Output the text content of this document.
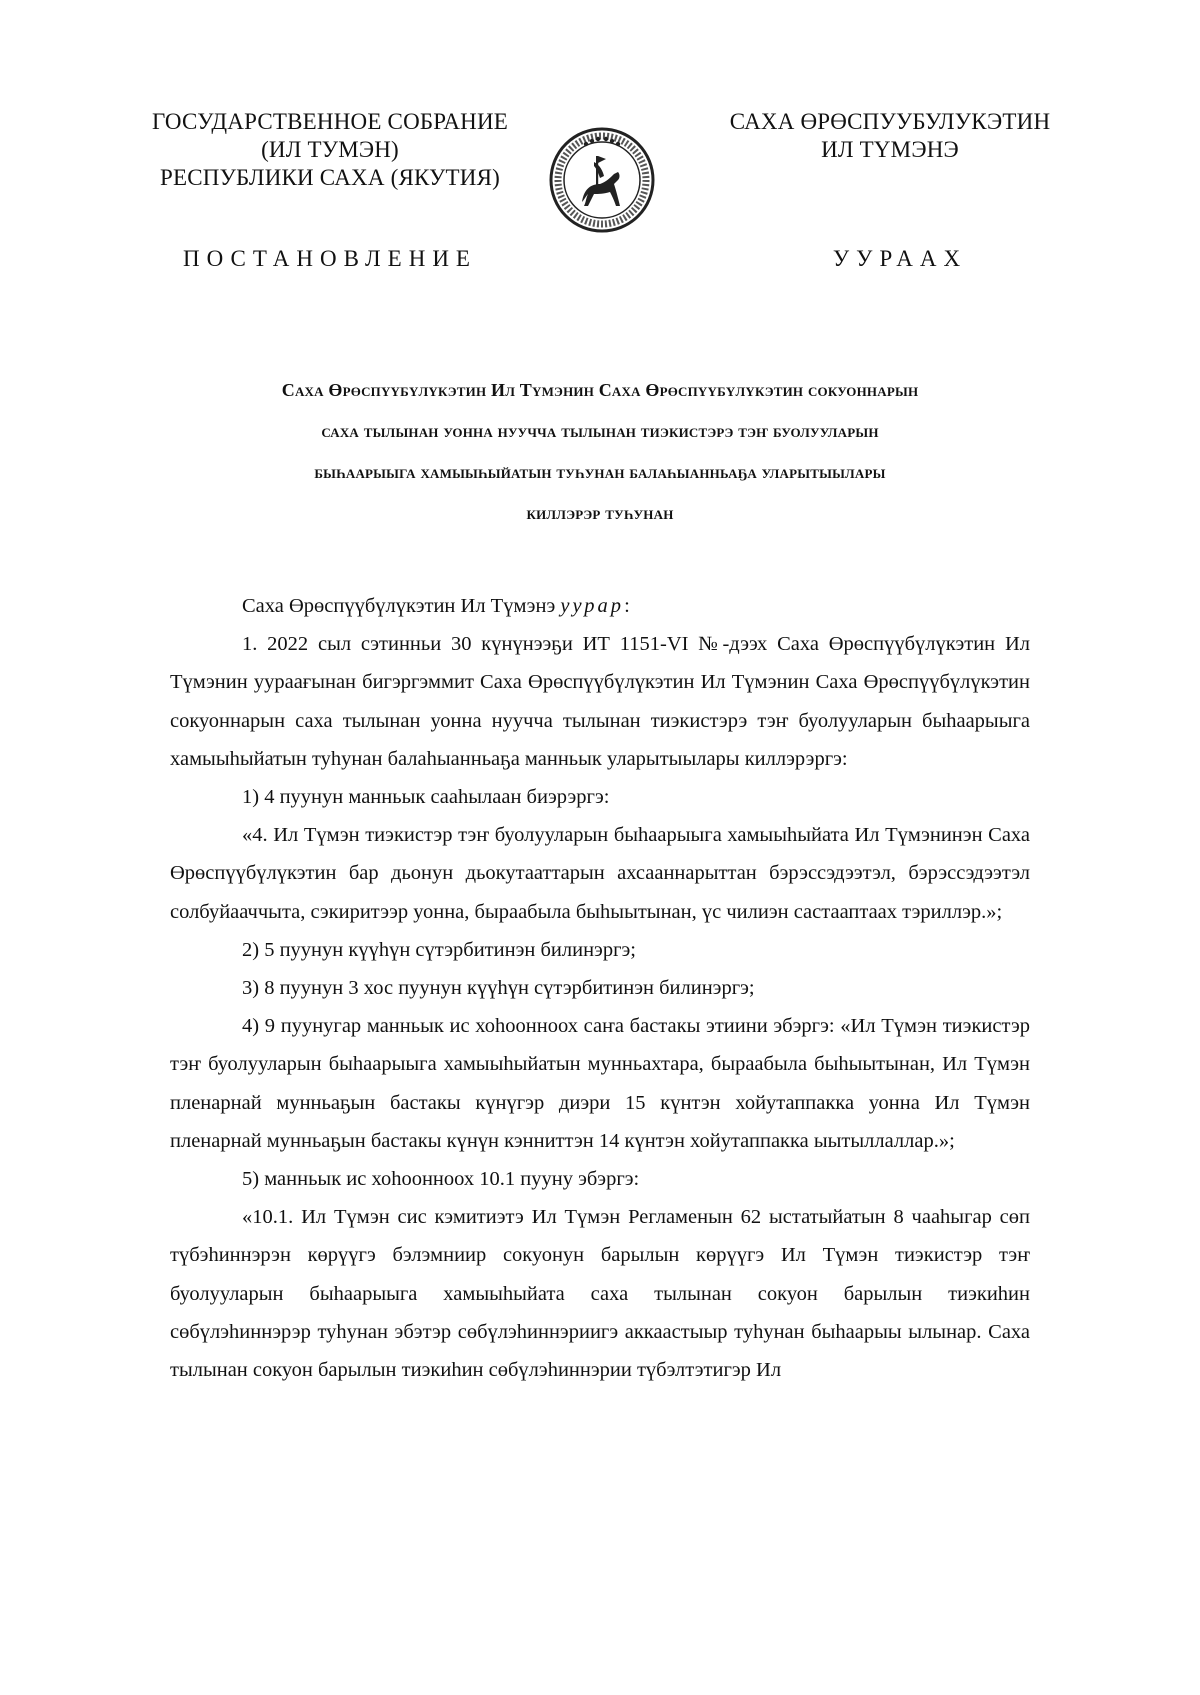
ГОСУДАРСТВЕННОЕ СОБРАНИЕ
(ИЛ ТУМЭН)
РЕСПУБЛИКИ САХА (ЯКУТИЯ)
САХА ӨРӨСПУУБУЛУКЭТИН
ИЛ ТҮМЭНЭ
ПОСТАНОВЛЕНИЕ	УУРААХ
Саха Өрөспүүбүлүкэтин Ил Түмэнин Саха Өрөспүүбүлүкэтин сокуоннарын
саха тылынан уонна нуучча тылынан тиэкистэрэ тэҥ буолууларын
быһаарыыга хамыыһыйатын туһунан балаһыанньаҕа уларытыылары
киллэрэр туһунан

Саха Өрөспүүбүлүкэтин Ил Түмэнэ уурар:

1. 2022 сыл сэтинньи 30 күнүнээҕи ИТ 1151-VI №-дээх Саха Өрөспүүбүлүкэтин Ил Түмэнин уураағынан бигэргэммит Саха Өрөспүүбүлүкэтин Ил Түмэнин Саха Өрөспүүбүлүкэтин сокуоннарын саха тылынан уонна нуучча тылынан тиэкистэрэ тэҥ буолууларын быһаарыыга хамыыһыйатын туһунан балаһыанньаҕа манньык уларытыылары киллэрэргэ:

1) 4 пуунун манньык сааһылаан биэрэргэ:

«4. Ил Түмэн тиэкистэр тэҥ буолууларын быһаарыыга хамыыһыйата Ил Түмэнинэн Саха Өрөспүүбүлүкэтин бар дьонун дьокутааттарын ахсааннарыттан бэрэссэдээтэл, бэрэссэдээтэл солбуйааччыта, сэкиритээр уонна, быраабыла быһыытынан, үс чилиэн састааптаах тэриллэр.»;

2) 5 пуунун күүһүн сүтэрбитинэн билинэргэ;

3) 8 пуунун 3 хос пуунун күүһүн сүтэрбитинэн билинэргэ;

4) 9 пуунугар манньык ис хоһоонноох саҥа бастакы этиини эбэргэ: «Ил Түмэн тиэкистэр тэҥ буолууларын быһаарыыга хамыыһыйатын мунньахтара, быраабыла быһыытынан, Ил Түмэн пленарнай мунньаҕын бастакы күнүгэр диэри 15 күнтэн хойутаппакка уонна Ил Түмэн пленарнай мунньаҕын бастакы күнүн кэнниттэн 14 күнтэн хойутаппакка ыытыллаллар.»;

5) манньык ис хоһоонноох 10.1 пууну эбэргэ:

«10.1. Ил Түмэн сис кэмитиэтэ Ил Түмэн Регламенын 62 ыстатыйатын 8 чааһыгар сөп түбэһиннэрэн көрүүгэ бэлэмниир сокуонун барылын көрүүгэ Ил Түмэн тиэкистэр тэҥ буолууларын быһаарыыга хамыыһыйата саха тылынан сокуон барылын тиэкиһин сөбүлэһиннэрэр туһунан эбэтэр сөбүлэһиннэриигэ аккаастыыр туһунан быһаарыы ылынар. Саха тылынан сокуон барылын тиэкиһин сөбүлэһиннэрии түбэлтэтигэр Ил
